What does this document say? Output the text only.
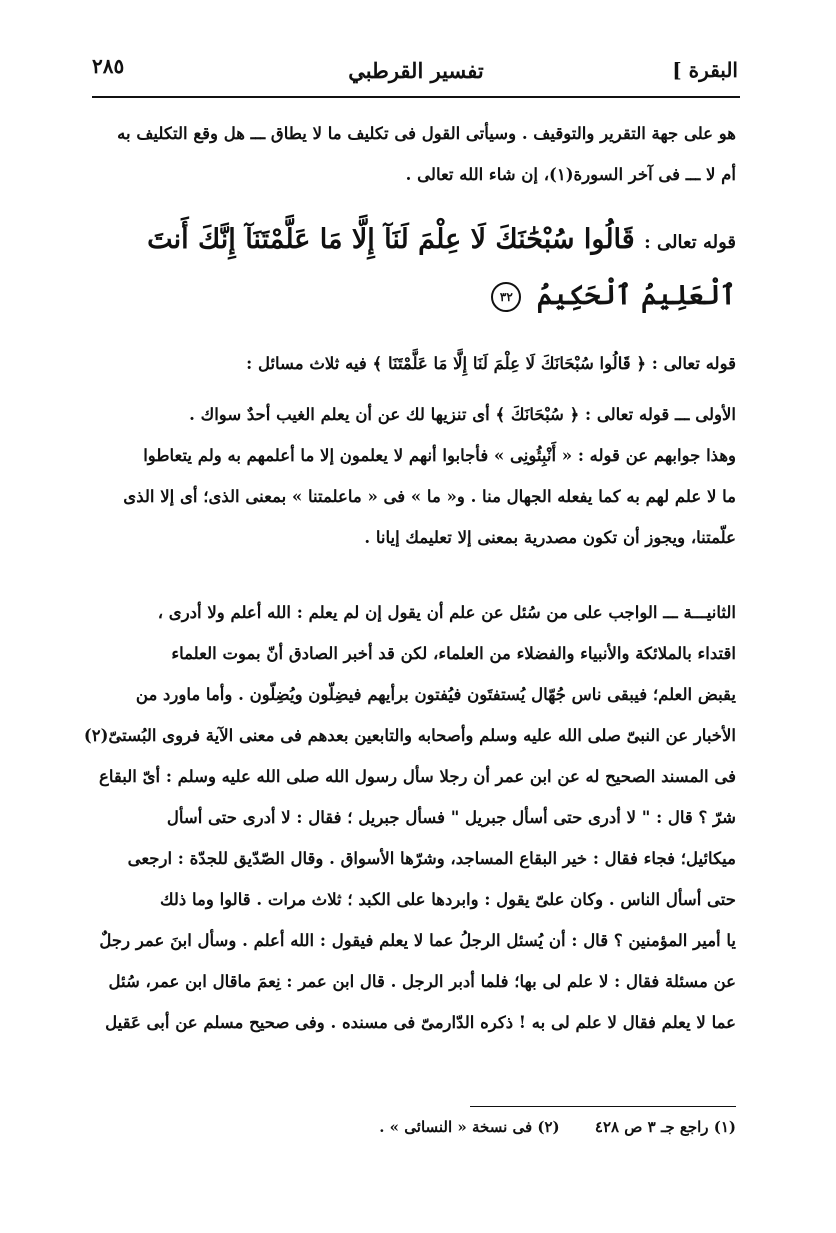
٢٨٥	تفسير القرطبي	البقرة ]
هو على جهة التقرير والتوقيف . وسيأتى القول فى تكليف ما لا يطاق ـــ هل وقع التكليف به
أم لا ـــ فى آخر السورة(١)، إن شاء الله تعالى .
قوله تعالى : قَالُوا سُبْحَٰنَكَ لَا عِلْمَ لَنَآ إِلَّا مَا عَلَّمْتَنَآ إِنَّكَ أَنتَ
ٱلْعَلِيمُ ٱلْحَكِيمُ ٣٢
قوله تعالى : ﴿ قَالُوا سُبْحَانَكَ لَا عِلْمَ لَنَا إِلَّا مَا عَلَّمْتَنَا ﴾ فيه ثلاث مسائل :
الأولى ـــ قوله تعالى : ﴿ سُبْحَانَكَ ﴾ أى تنزيها لك عن أن يعلم الغيب أحدٌ سواك .
وهذا جوابهم عن قوله : « أَنْبِئُونِى » فأجابوا أنهم لا يعلمون إلا ما أعلمهم به ولم يتعاطوا
ما لا علم لهم به كما يفعله الجهال منا . و« ما » فى « ماعلمتنا » بمعنى الذى؛ أى إلا الذى
علّمتنا، ويجوز أن تكون مصدرية بمعنى إلا تعليمك إيانا .
الثانيـــة ـــ الواجب على من سُئل عن علم أن يقول إن لم يعلم : الله أعلم ولا أدرى ،
اقتداء بالملائكة والأنبياء والفضلاء من العلماء، لكن قد أخبر الصادق أنّ بموت العلماء
يقبض العلم؛ فيبقى ناس جُهّال يُستفتَون فيُفتون برأيهم فيضِلّون ويُضِلّون . وأما ماورد من
الأخبار عن النبىّ صلى الله عليه وسلم وأصحابه والتابعين بعدهم فى معنى الآية فروى البُستىّ(٢)
فى المسند الصحيح له عن ابن عمر أن رجلا سأل رسول الله صلى الله عليه وسلم : أىّ البقاع
شرّ ؟ قال : " لا أدرى حتى أسأل جبريل " فسأل جبريل ؛ فقال : لا أدرى حتى أسأل
ميكائيل؛ فجاء فقال : خير البقاع المساجد، وشرّها الأسواق . وقال الصّدّيق للجدّة : ارجعى
حتى أسأل الناس . وكان علىّ يقول : وابردها على الكبد ؛ ثلاث مرات . قالوا وما ذلك
يا أمير المؤمنين ؟ قال : أن يُسئل الرجلُ عما لا يعلم فيقول : الله أعلم . وسأل ابنَ عمر رجلٌ
عن مسئلة فقال : لا علم لى بها؛ فلما أدبر الرجل . قال ابن عمر : نِعمَ ماقال ابن عمر، سُئل
عما لا يعلم فقال لا علم لى به ! ذكره الدّارمىّ فى مسنده . وفى صحيح مسلم عن أبى عَقيل
(١) راجع جـ ٣ ص ٤٢٨ (٢) فى نسخة « النسائى » .
